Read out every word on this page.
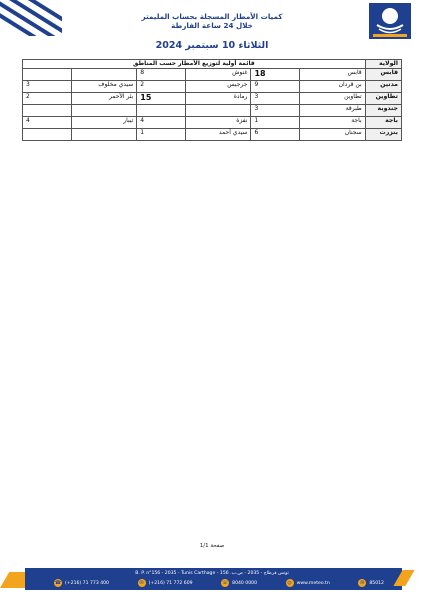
كميات الأمطار المسجلة بحساب المليمتر
خلال 24 ساعة الفارطة
الثلاثاء 10 سبتمبر 2024
الولاية	قائمة أولية لتوزيع الأمطار حسب المناطق					
قابس	قابس	18	غنوش	8		
مدنين	بن قردان	9	جرجيس	2	سيدي مخلوف	3
تطاوين	تطاوين	3	رمادة	15	بئر الأحمر	2
جندوبة	طبرقة	3				
باجة	باجة	1	نفزة	4	تيبار	4
بنزرت	سجنان	6	سيدي أحمد	1		
صفحة 1/1
B. P. n°156 - 2035 - Tunis Carthage - تونس قرطاج - 2035 - ص.ب. 156
☎ (+216) 71 773 400	✉	(+216) 71 772 609	☏ 8040 0000	◎	www.meteo.tn	✉	85012
